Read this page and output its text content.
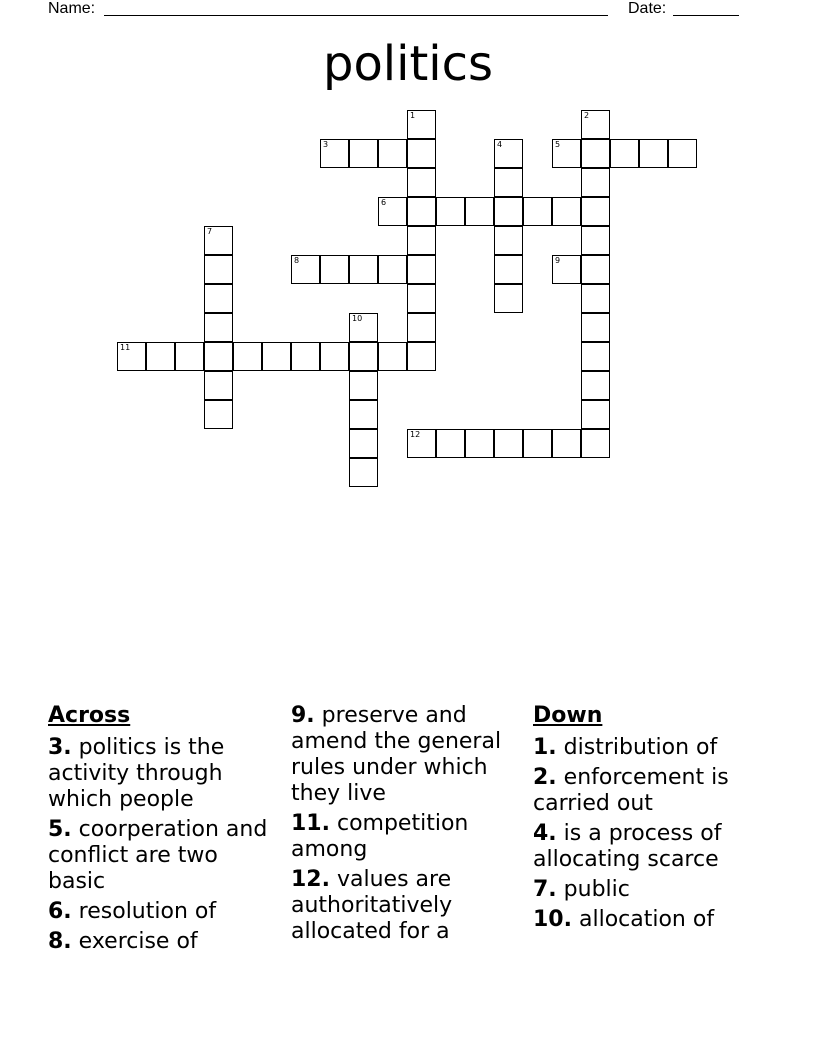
Name:	Date:
politics
1	2
3	4	5
6
7
8	9
10
11
12
Across
3. politics is the activity through which people
5. coorperation and conflict are two basic
6. resolution of
8. exercise of
9. preserve and amend the general rules under which they live
11. competition among
12. values are authoritatively allocated for a
Down
1. distribution of
2. enforcement is carried out
4. is a process of allocating scarce
7. public
10. allocation of
